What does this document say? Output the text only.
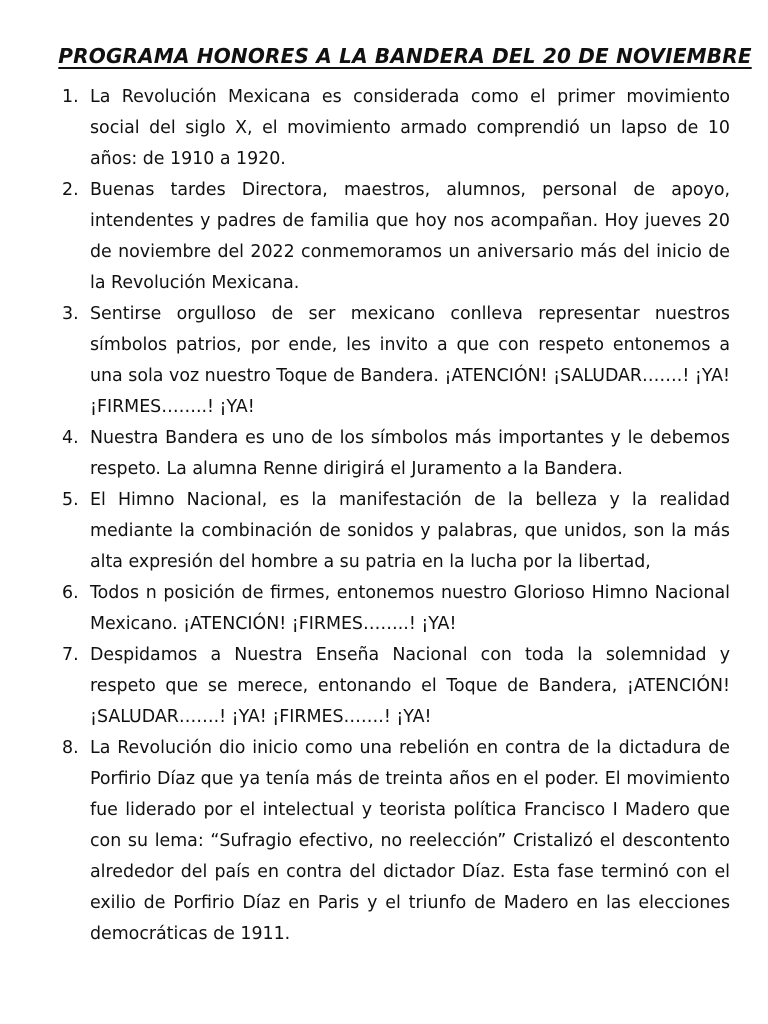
PROGRAMA HONORES A LA BANDERA DEL 20 DE NOVIEMBRE
1. La Revolución Mexicana es considerada como el primer movimiento social del siglo X, el movimiento armado comprendió un lapso de 10 años: de 1910 a 1920.
2. Buenas tardes Directora, maestros, alumnos, personal de apoyo, intendentes y padres de familia que hoy nos acompañan. Hoy jueves 20 de noviembre del 2022 conmemoramos un aniversario más del inicio de la Revolución Mexicana.
3. Sentirse orgulloso de ser mexicano conlleva representar nuestros símbolos patrios, por ende, les invito a que con respeto entonemos a una sola voz nuestro Toque de Bandera. ¡ATENCIÓN! ¡SALUDAR…….! ¡YA! ¡FIRMES……..! ¡YA!
4. Nuestra Bandera es uno de los símbolos más importantes y le debemos respeto. La alumna Renne dirigirá el Juramento a la Bandera.
5. El Himno Nacional, es la manifestación de la belleza y la realidad mediante la combinación de sonidos y palabras, que unidos, son la más alta expresión del hombre a su patria en la lucha por la libertad,
6. Todos n posición de firmes, entonemos nuestro Glorioso Himno Nacional Mexicano. ¡ATENCIÓN! ¡FIRMES……..! ¡YA!
7. Despidamos a Nuestra Enseña Nacional con toda la solemnidad y respeto que se merece, entonando el Toque de Bandera, ¡ATENCIÓN! ¡SALUDAR…….! ¡YA! ¡FIRMES…….! ¡YA!
8. La Revolución dio inicio como una rebelión en contra de la dictadura de Porfirio Díaz que ya tenía más de treinta años en el poder. El movimiento fue liderado por el intelectual y teorista política Francisco I Madero que con su lema: “Sufragio efectivo, no reelección” Cristalizó el descontento alrededor del país en contra del dictador Díaz. Esta fase terminó con el exilio de Porfirio Díaz en Paris y el triunfo de Madero en las elecciones democráticas de 1911.
